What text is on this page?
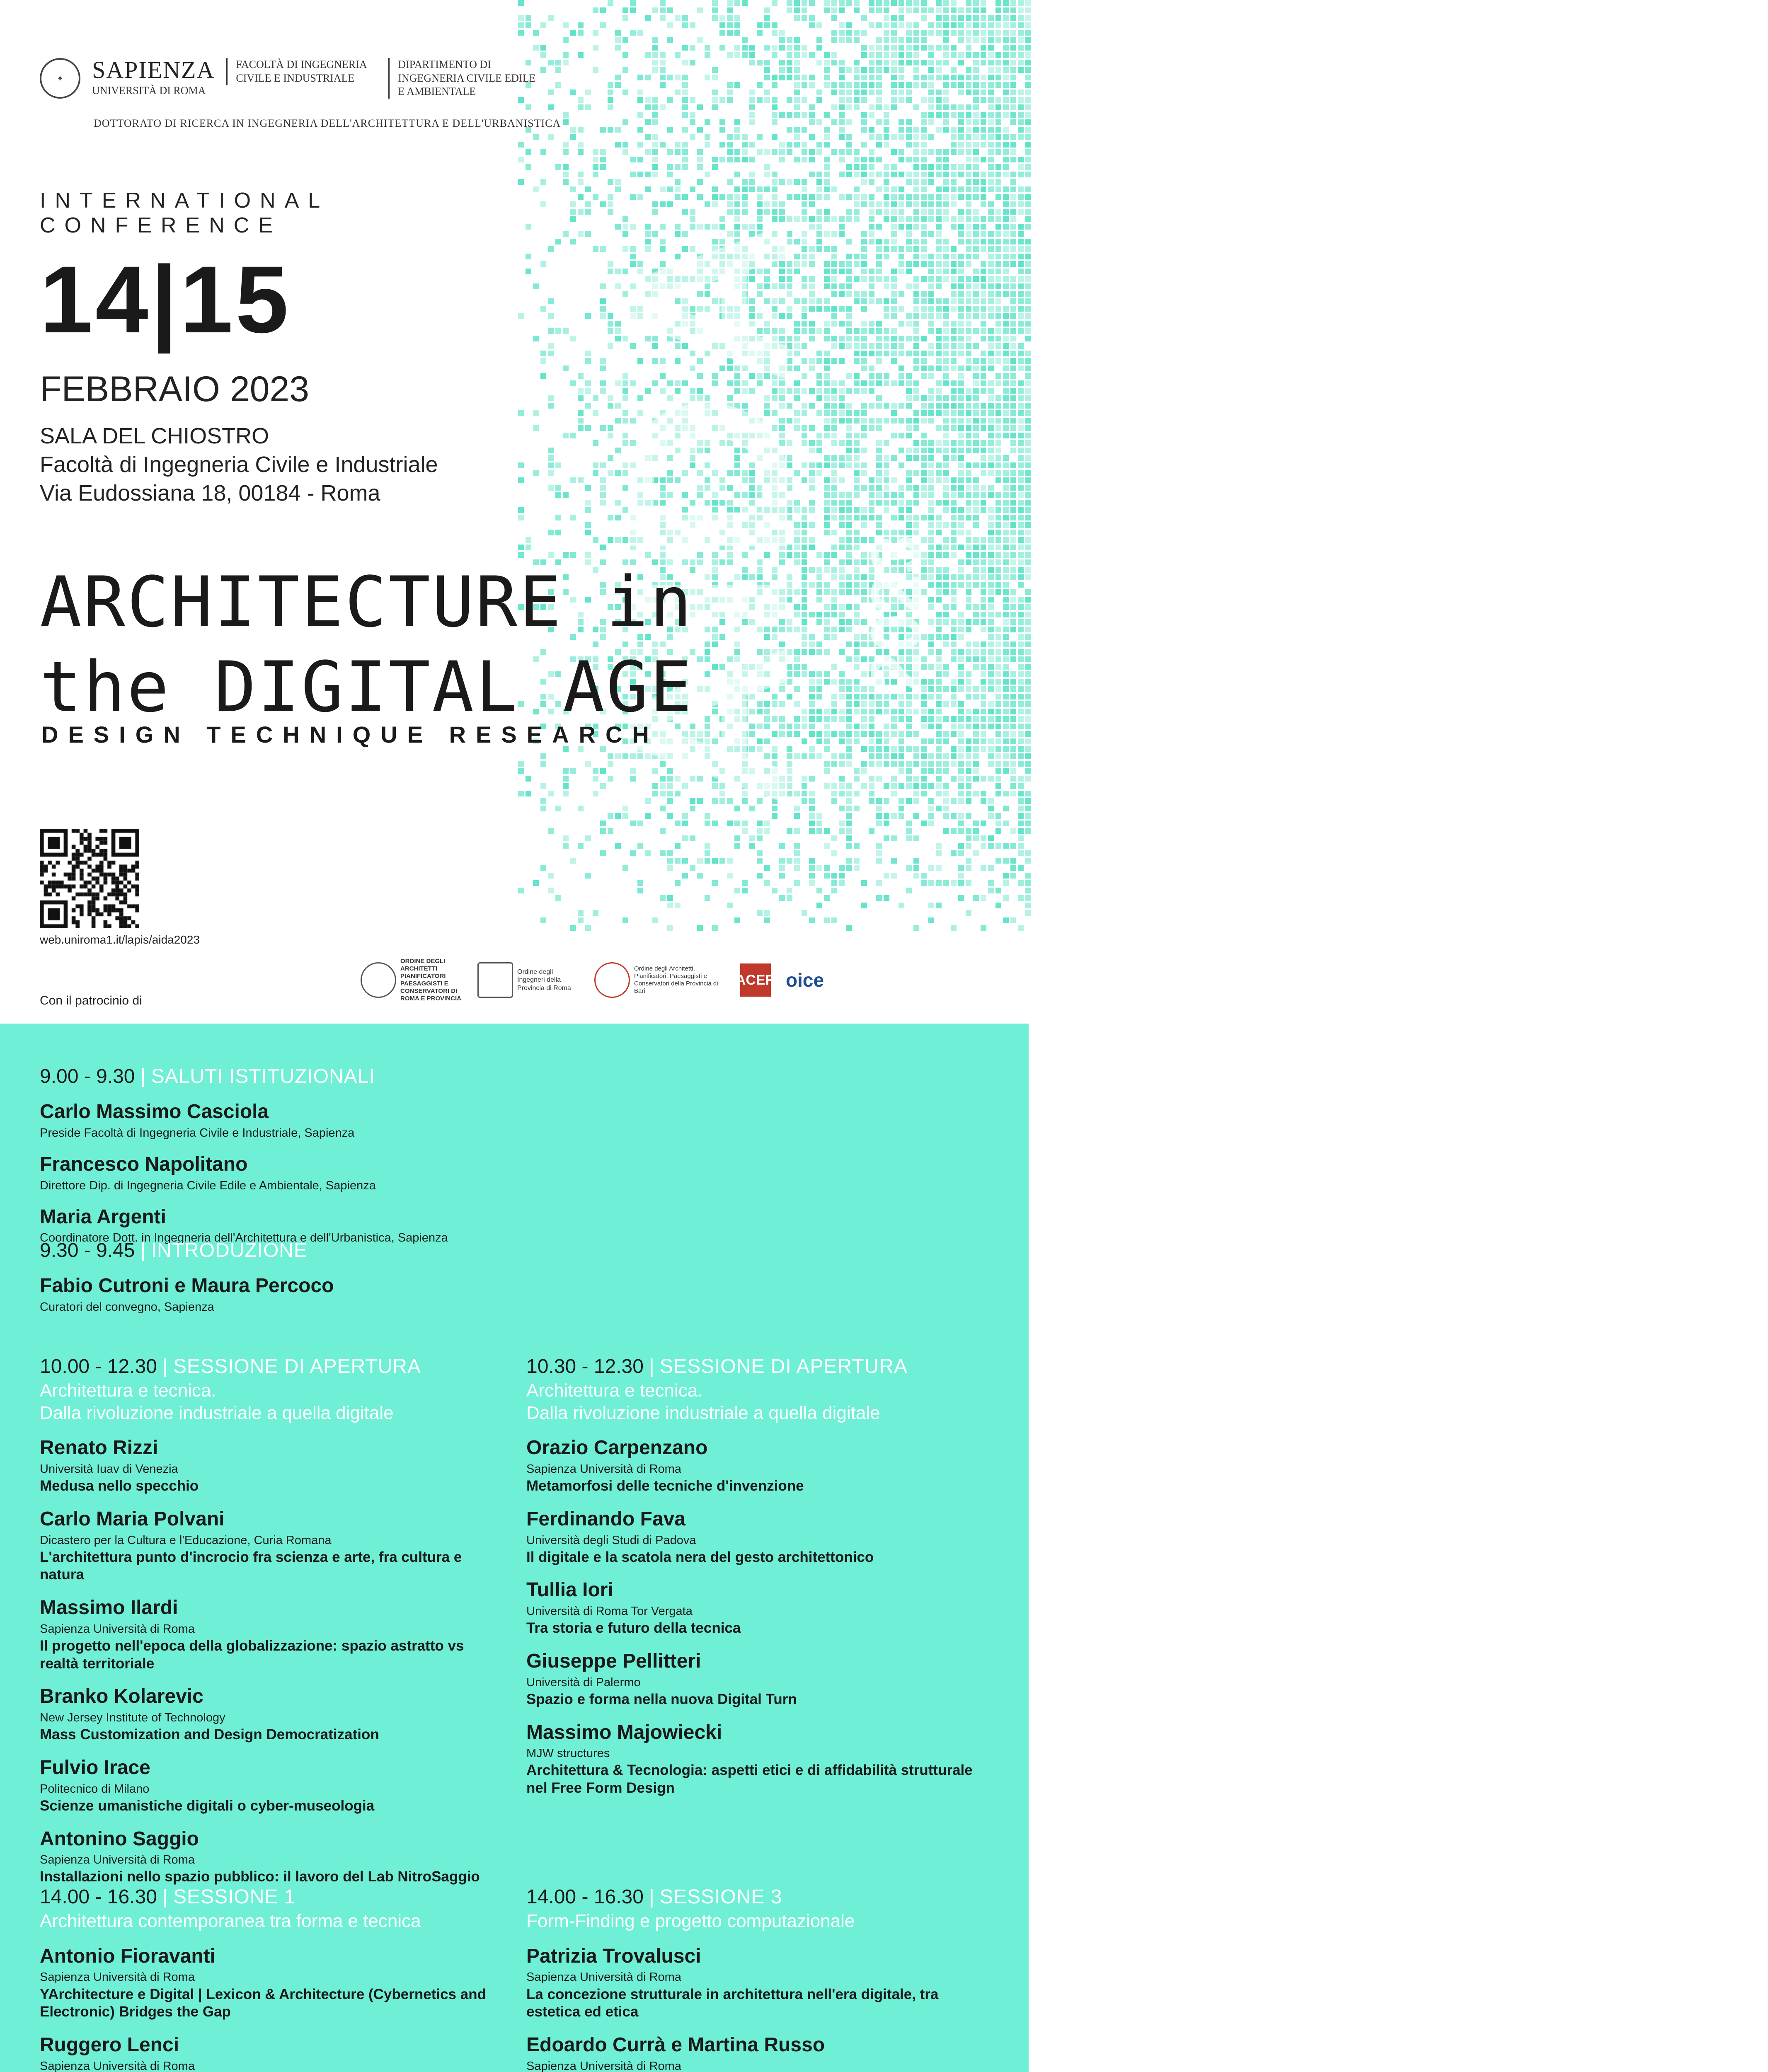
AIDA 2023
✦	SAPIENZA
UNIVERSITÀ DI ROMA
FACOLTÀ DI INGEGNERIA CIVILE E INDUSTRIALE
DIPARTIMENTO DI INGEGNERIA CIVILE EDILE E AMBIENTALE
DOTTORATO DI RICERCA IN INGEGNERIA DELL'ARCHITETTURA E DELL'URBANISTICA
INTERNATIONAL
CONFERENCE
14|15
FEBBRAIO 2023
SALA DEL CHIOSTRO
Facoltà di Ingegneria Civile e Industriale
Via Eudossiana 18, 00184 - Roma
ARCHITECTURE in
the DIGITAL AGE
DESIGN TECHNIQUE RESEARCH
web.uniroma1.it/lapis/aida2023
Con il patrocinio di
ORDINE DEGLI ARCHITETTI PIANIFICATORI PAESAGGISTI E CONSERVATORI DI ROMA E PROVINCIA
Ordine degli Ingegneri della Provincia di Roma
Ordine degli Architetti, Pianificatori, Paesaggisti e Conservatori della Provincia di Bari
ACER oice
9.00 - 9.30 | SALUTI ISTITUZIONALI
Carlo Massimo Casciola
Preside Facoltà di Ingegneria Civile e Industriale, Sapienza
Francesco Napolitano
Direttore Dip. di Ingegneria Civile Edile e Ambientale, Sapienza
Maria Argenti
Coordinatore Dott. in Ingegneria dell'Architettura e dell'Urbanistica, Sapienza
9.30 - 9.45 | INTRODUZIONE
Fabio Cutroni e Maura Percoco
Curatori del convegno, Sapienza
10.00 - 12.30 | SESSIONE DI APERTURA
Architettura e tecnica.
Dalla rivoluzione industriale a quella digitale
Renato Rizzi
Università Iuav di Venezia
Medusa nello specchio
Carlo Maria Polvani
Dicastero per la Cultura e l'Educazione, Curia Romana
L'architettura punto d'incrocio fra scienza e arte, fra cultura e natura
Massimo Ilardi
Sapienza Università di Roma
Il progetto nell'epoca della globalizzazione: spazio astratto vs realtà territoriale
Branko Kolarevic
New Jersey Institute of Technology
Mass Customization and Design Democratization
Fulvio Irace
Politecnico di Milano
Scienze umanistiche digitali o cyber-museologia
Antonino Saggio
Sapienza Università di Roma
Installazioni nello spazio pubblico: il lavoro del Lab NitroSaggio
10.30 - 12.30 | SESSIONE DI APERTURA
Architettura e tecnica.
Dalla rivoluzione industriale a quella digitale
Orazio Carpenzano
Sapienza Università di Roma
Metamorfosi delle tecniche d'invenzione
Ferdinando Fava
Università degli Studi di Padova
Il digitale e la scatola nera del gesto architettonico
Tullia Iori
Università di Roma Tor Vergata
Tra storia e futuro della tecnica
Giuseppe Pellitteri
Università di Palermo
Spazio e forma nella nuova Digital Turn
Massimo Majowiecki
MJW structures
Architettura & Tecnologia: aspetti etici e di affidabilità strutturale nel Free Form Design
14.00 - 16.30 | SESSIONE 1
Architettura contemporanea tra forma e tecnica
Antonio Fioravanti
Sapienza Università di Roma
YArchitecture e Digital | Lexicon & Architecture (Cybernetics and Electronic) Bridges the Gap
Ruggero Lenci
Sapienza Università di Roma
14.00 - 16.30 | SESSIONE 3
Form-Finding e progetto computazionale
Patrizia Trovalusci
Sapienza Università di Roma
La concezione strutturale in architettura nell'era digitale, tra estetica ed etica
Edoardo Currà e Martina Russo
Sapienza Università di Roma
